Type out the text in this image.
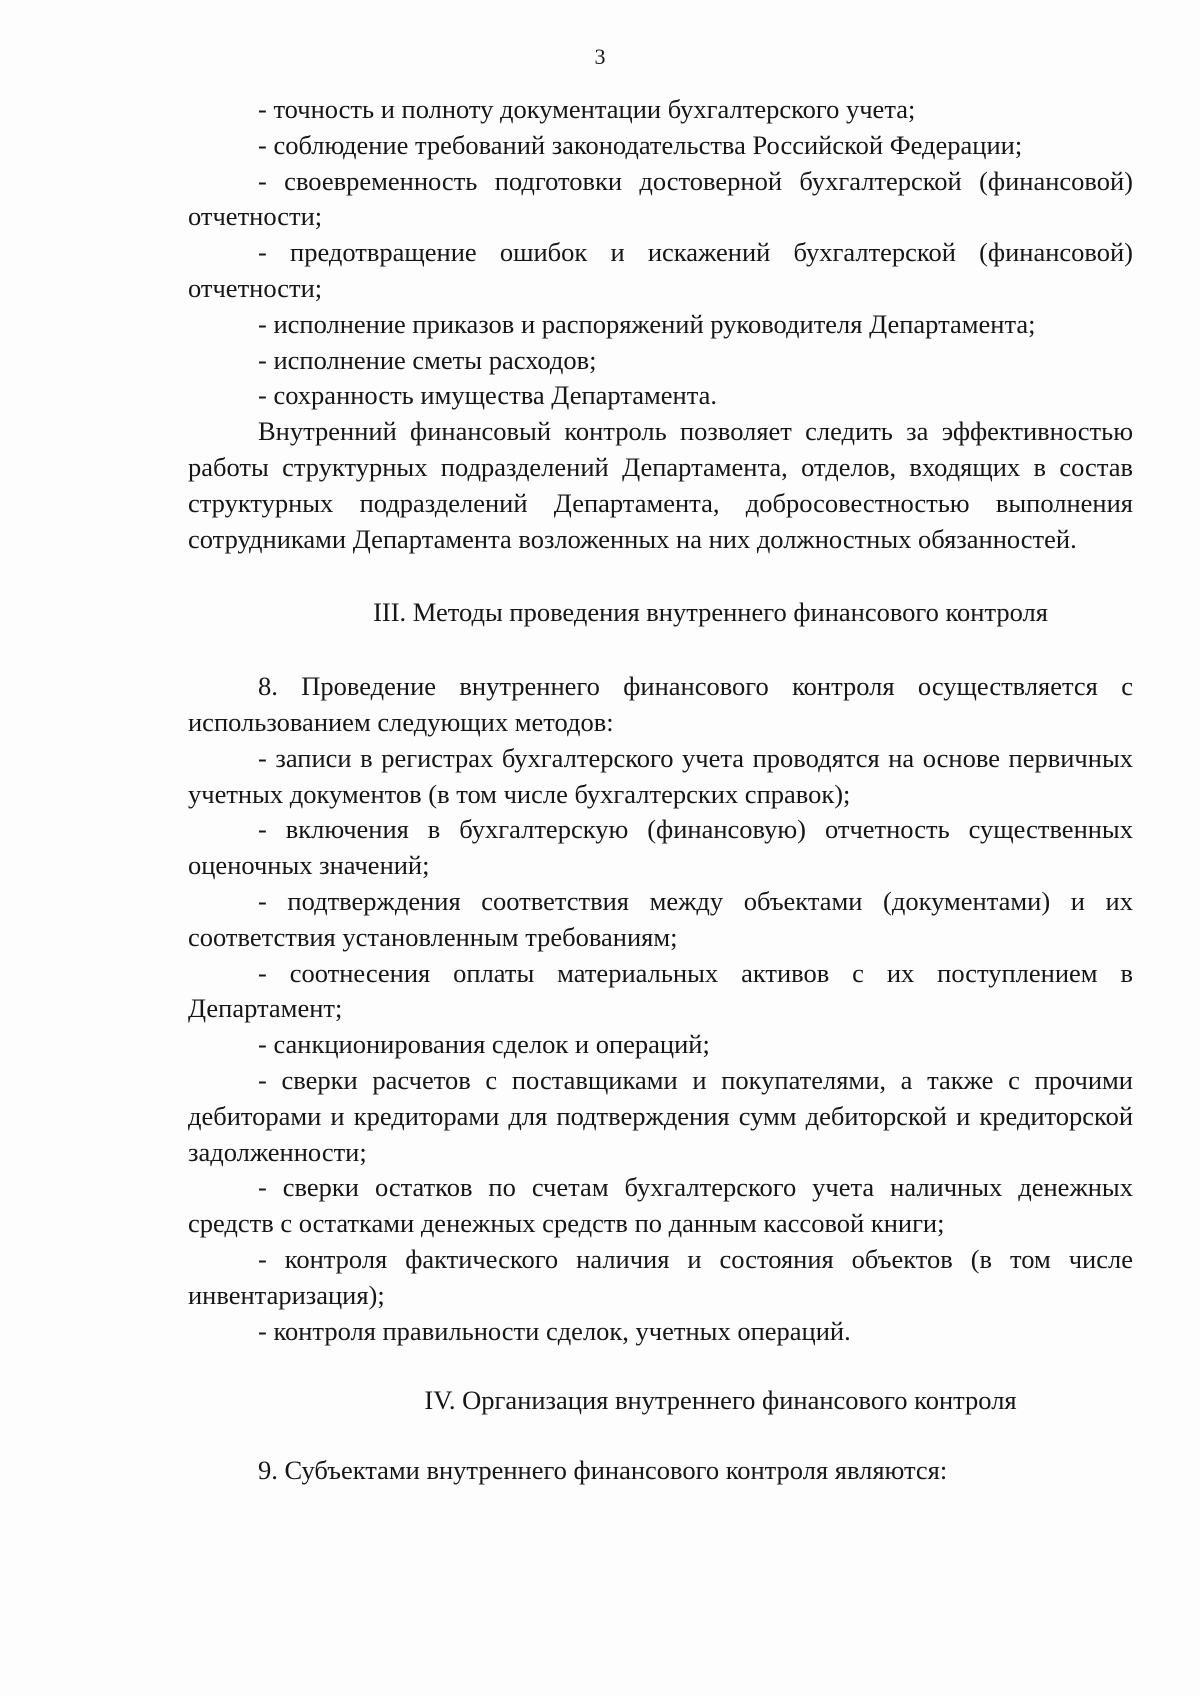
3

- точность и полноту документации бухгалтерского учета;

- соблюдение требований законодательства Российской Федерации;

- своевременность подготовки достоверной бухгалтерской (финансовой) отчетности;

- предотвращение ошибок и искажений бухгалтерской (финансовой) отчетности;

- исполнение приказов и распоряжений руководителя Департамента;

- исполнение сметы расходов;

- сохранность имущества Департамента.

Внутренний финансовый контроль позволяет следить за эффективностью работы структурных подразделений Департамента, отделов, входящих в состав структурных подразделений Департамента, добросовестностью выполнения сотрудниками Департамента возложенных на них должностных обязанностей.

III. Методы проведения внутреннего финансового контроля

8. Проведение внутреннего финансового контроля осуществляется с использованием следующих методов:

- записи в регистрах бухгалтерского учета проводятся на основе первичных учетных документов (в том числе бухгалтерских справок);

- включения в бухгалтерскую (финансовую) отчетность существенных оценочных значений;

- подтверждения соответствия между объектами (документами) и их соответствия установленным требованиям;

- соотнесения оплаты материальных активов с их поступлением в Департамент;

- санкционирования сделок и операций;

- сверки расчетов с поставщиками и покупателями, а также с прочими дебиторами и кредиторами для подтверждения сумм дебиторской и кредиторской задолженности;

- сверки остатков по счетам бухгалтерского учета наличных денежных средств с остатками денежных средств по данным кассовой книги;

- контроля фактического наличия и состояния объектов (в том числе инвентаризация);

- контроля правильности сделок, учетных операций.

IV. Организация внутреннего финансового контроля

9. Субъектами внутреннего финансового контроля являются:
